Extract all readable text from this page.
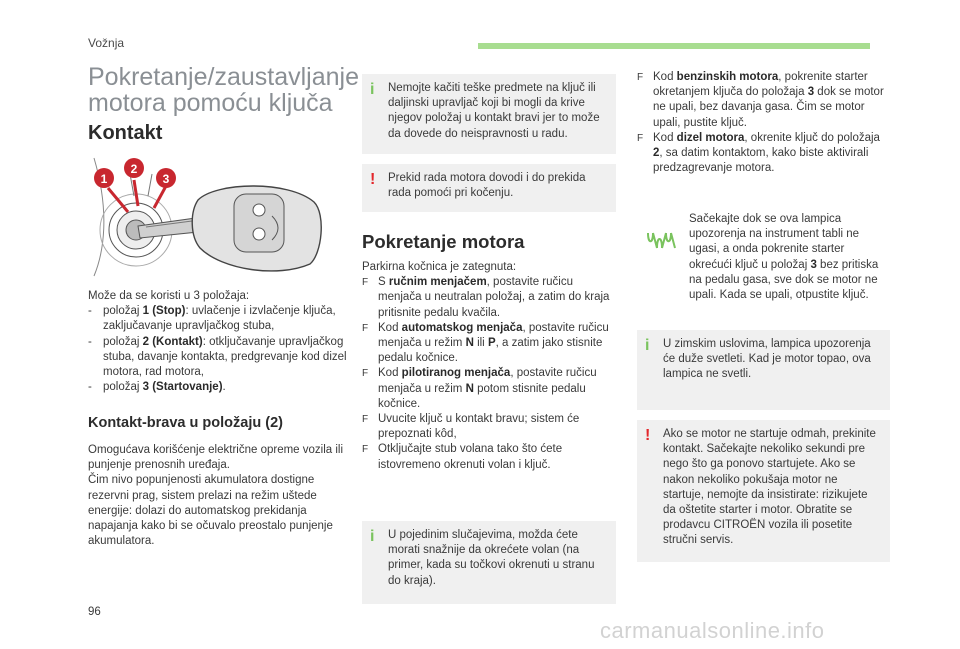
Vožnja
Pokretanje/zaustavljanje motora pomoću ključa
Kontakt
1
2
3
Može da se koristi u 3 položaja:
- položaj 1 (Stop): uvlačenje i izvlačenje ključa, zaključavanje upravljačkog stuba,
- položaj 2 (Kontakt): otključavanje upravljačkog stuba, davanje kontakta, predgrevanje kod dizel motora, rad motora,
- položaj 3 (Startovanje).
Kontakt-brava u položaju (2)
Omogućava korišćenje električne opreme vozila ili punjenje prenosnih uređaja.
Čim nivo popunjenosti akumulatora dostigne rezervni prag, sistem prelazi na režim uštede energije: dolazi do automatskog prekidanja napajanja kako bi se očuvalo preostalo punjenje akumulatora.
i Nemojte kačiti teške predmete na ključ ili daljinski upravljač koji bi mogli da krive njegov položaj u kontakt bravi jer to može da dovede do neispravnosti u radu.
! Prekid rada motora dovodi i do prekida rada pomoći pri kočenju.
Pokretanje motora
Parkirna kočnica je zategnuta:
F S ručnim menjačem, postavite ručicu menjača u neutralan položaj, a zatim do kraja pritisnite pedalu kvačila.
F Kod automatskog menjača, postavite ručicu menjača u režim N ili P, a zatim jako stisnite pedalu kočnice.
F Kod pilotiranog menjača, postavite ručicu menjača u režim N potom stisnite pedalu kočnice.
F Uvucite ključ u kontakt bravu; sistem će prepoznati kôd,
F Otključajte stub volana tako što ćete istovremeno okrenuti volan i ključ.
i U pojedinim slučajevima, možda ćete morati snažnije da okrećete volan (na primer, kada su točkovi okrenuti u stranu do kraja).
F Kod benzinskih motora, pokrenite starter okretanjem ključa do položaja 3 dok se motor ne upali, bez davanja gasa. Čim se motor upali, pustite ključ.
F Kod dizel motora, okrenite ključ do položaja 2, sa datim kontaktom, kako biste aktivirali predzagrevanje motora.
Sačekajte dok se ova lampica upozorenja na instrument tabli ne ugasi, a onda pokrenite starter okrećući ključ u položaj 3 bez pritiska na pedalu gasa, sve dok se motor ne upali. Kada se upali, otpustite ključ.
i U zimskim uslovima, lampica upozorenja će duže svetleti. Kad je motor topao, ova lampica ne svetli.
! Ako se motor ne startuje odmah, prekinite kontakt. Sačekajte nekoliko sekundi pre nego što ga ponovo startujete. Ako se nakon nekoliko pokušaja motor ne startuje, nemojte da insistirate: rizikujete da oštetite starter i motor. Obratite se prodavcu CITROËN vozila ili posetite stručni servis.
96
carmanualsonline.info
